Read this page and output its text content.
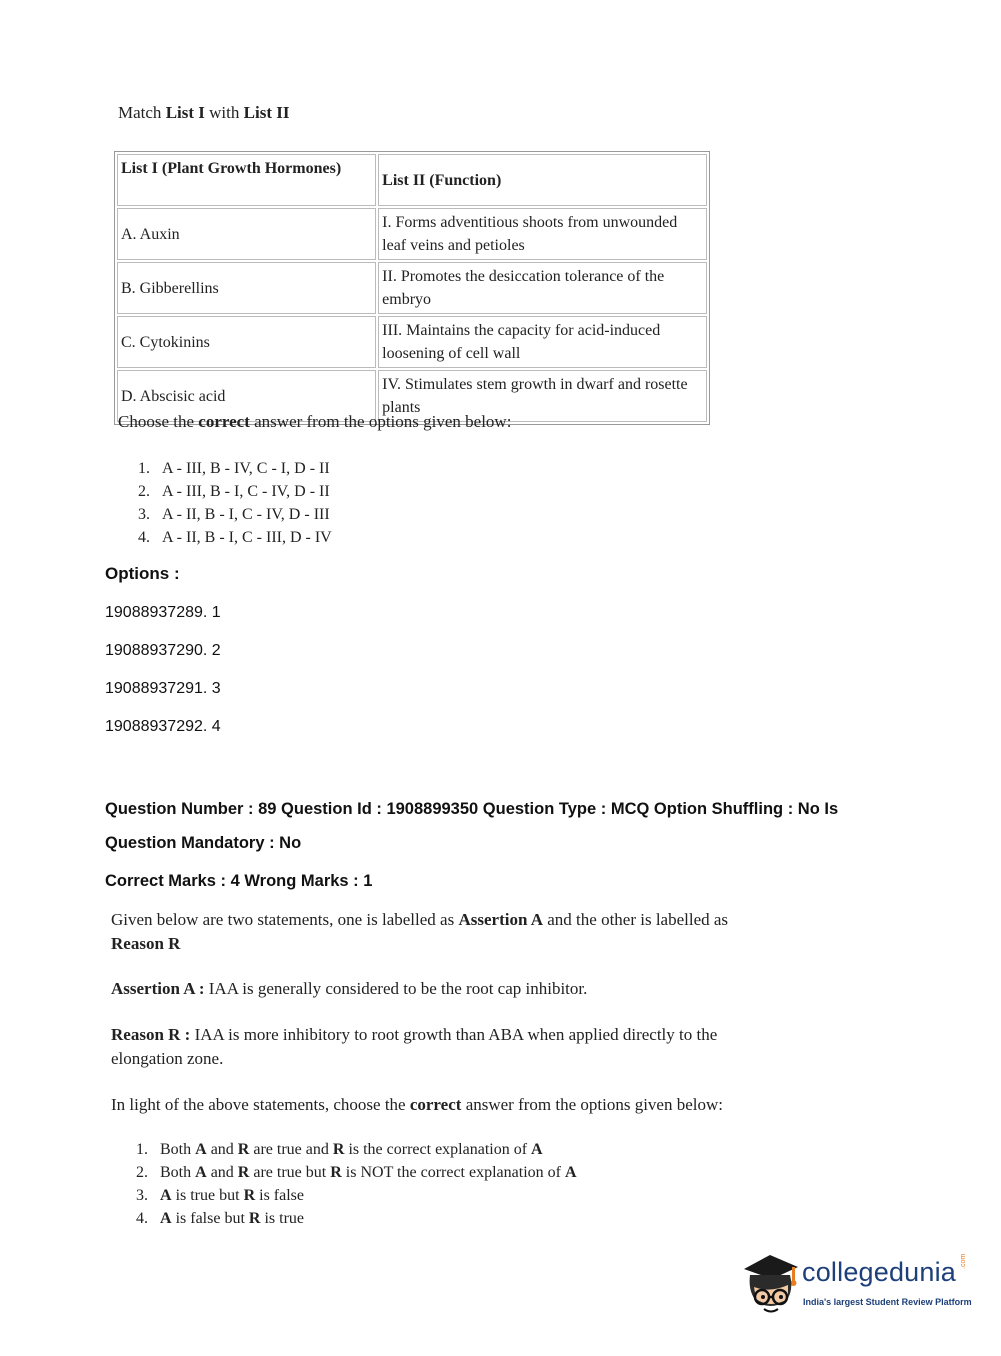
Match List I with List II
List I (Plant Growth Hormones)	List II (Function)
A. Auxin	I. Forms adventitious shoots from unwounded leaf veins and petioles
B. Gibberellins	II. Promotes the desiccation tolerance of the embryo
C. Cytokinins	III. Maintains the capacity for acid-induced loosening of cell wall
D. Abscisic acid	IV. Stimulates stem growth in dwarf and rosette plants
Choose the correct answer from the options given below:
1. A - III, B - IV, C - I, D - II
2. A - III, B - I, C - IV, D - II
3. A - II, B - I, C - IV, D - III
4. A - II, B - I, C - III, D - IV
Options :
19088937289. 1
19088937290. 2
19088937291. 3
19088937292. 4
Question Number : 89 Question Id : 1908899350 Question Type : MCQ Option Shuffling : No Is
Question Mandatory : No
Correct Marks : 4 Wrong Marks : 1
Given below are two statements, one is labelled as Assertion A and the other is labelled as Reason R
Assertion A : IAA is generally considered to be the root cap inhibitor.
Reason R : IAA is more inhibitory to root growth than ABA when applied directly to the elongation zone.
In light of the above statements, choose the correct answer from the options given below:
1. Both A and R are true and R is the correct explanation of A
2. Both A and R are true but R is NOT the correct explanation of A
3. A is true but R is false
4. A is false but R is true
collegedunia .com
India's largest Student Review Platform
